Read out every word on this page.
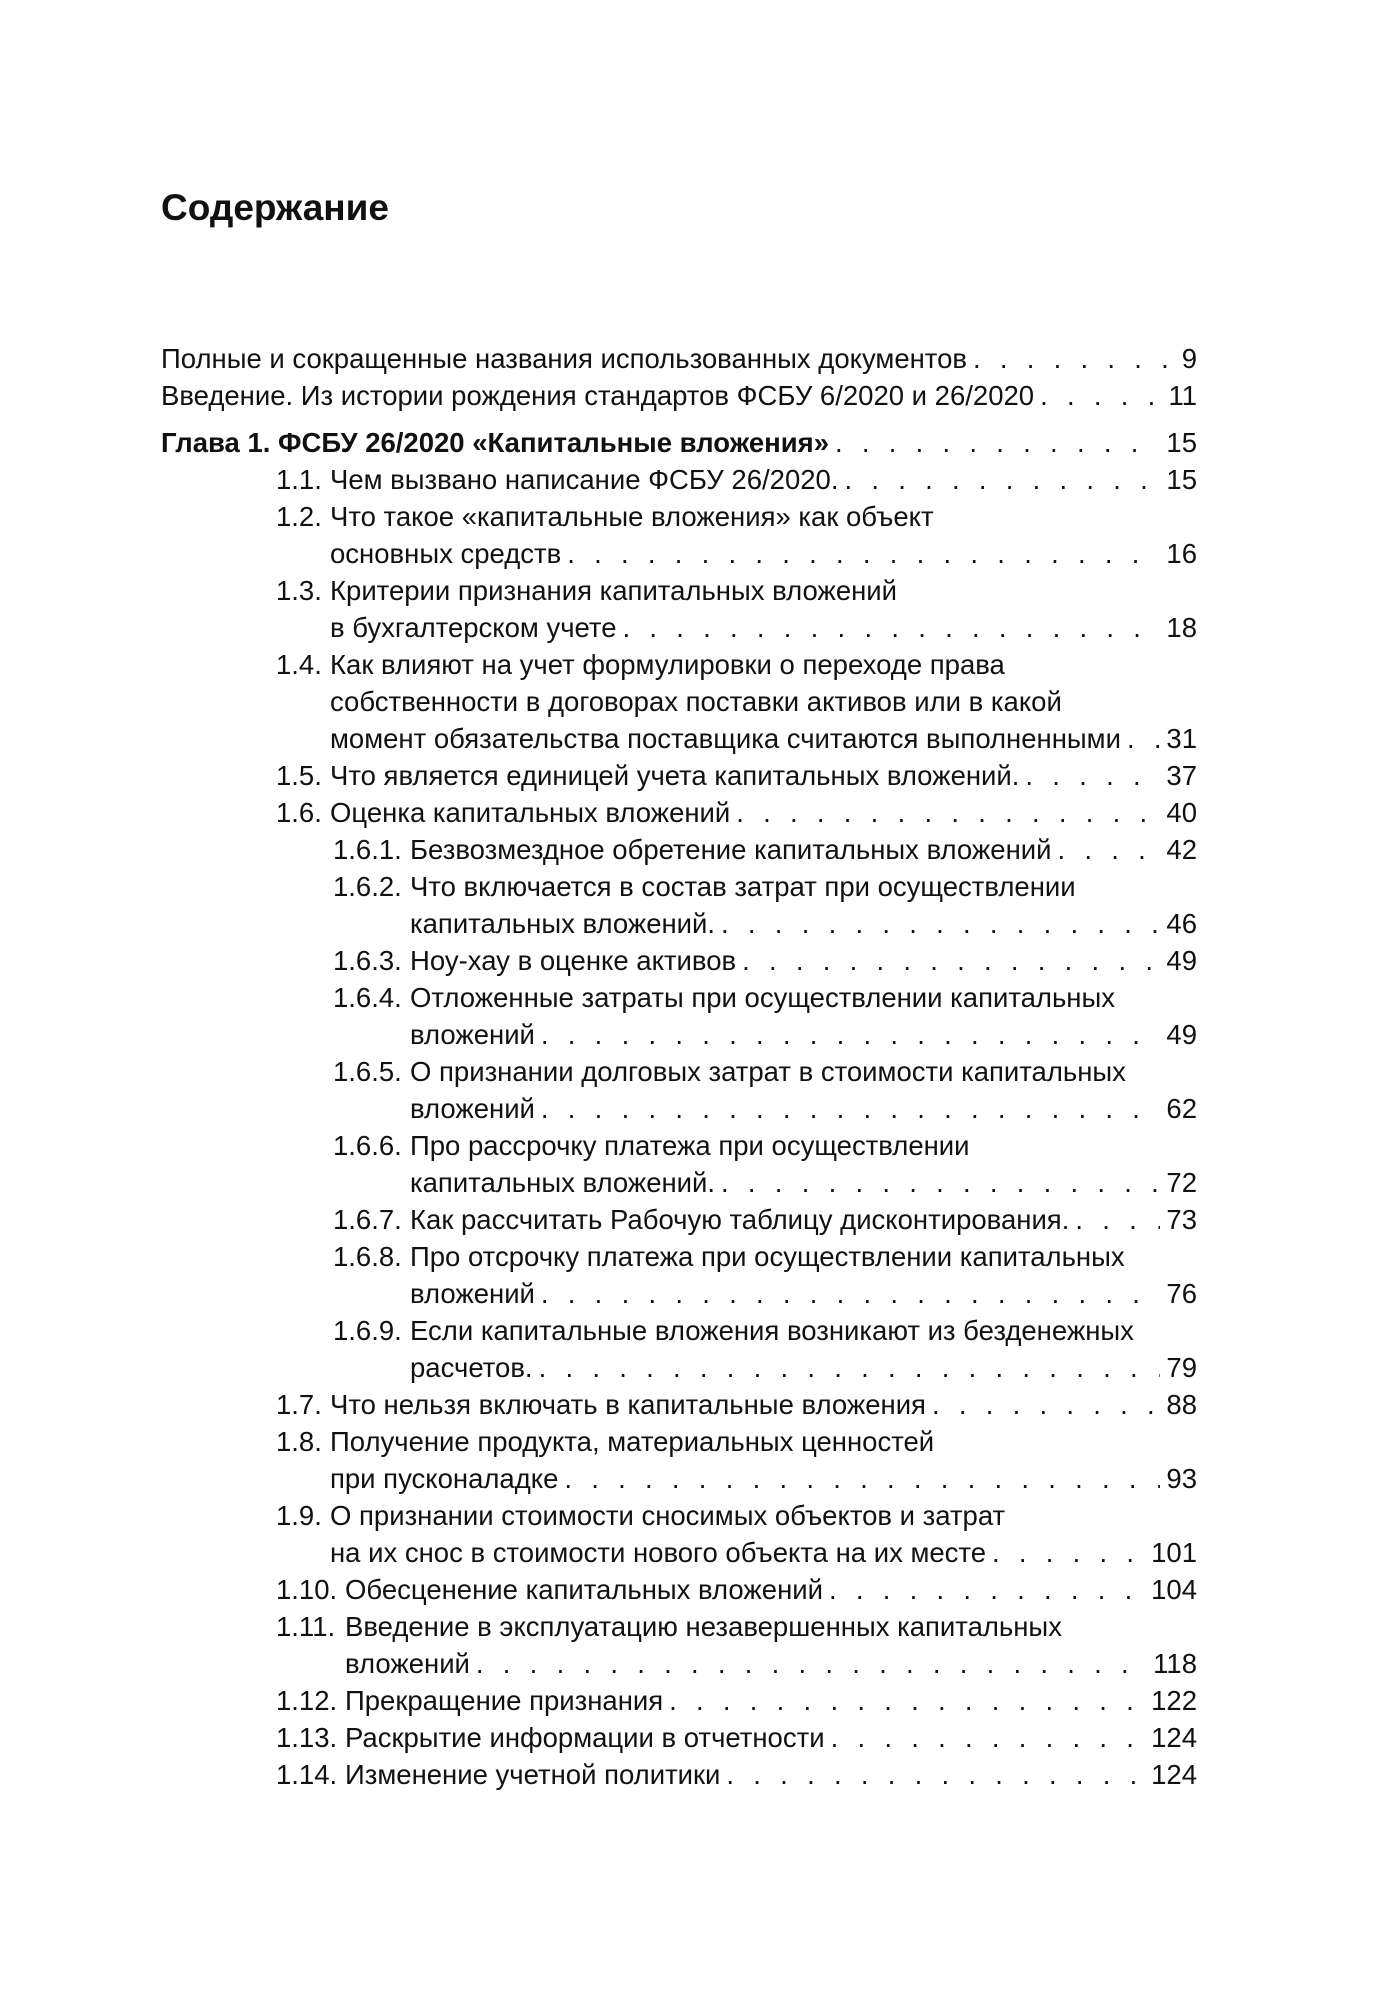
Содержание
Полные и сокращенные названия использованных документов . . .	9
Введение. Из истории рождения стандартов ФСБУ 6/2020 и 26/2020 . . .	11
Глава 1. ФСБУ 26/2020 «Капитальные вложения» . . .	15
1.1. Чем вызвано написание ФСБУ 26/2020. . . .	15
1.2. Что такое «капитальные вложения» как объект
основных средств . . .	16
1.3. Критерии признания капитальных вложений
в бухгалтерском учете . . .	18
1.4. Как влияют на учет формулировки о переходе права
собственности в договорах поставки активов или в какой
момент обязательства поставщика считаются выполненными . . . 31
1.5. Что является единицей учета капитальных вложений. . . .	37
1.6. Оценка капитальных вложений . . .	40
1.6.1. Безвозмездное обретение капитальных вложений . . .	42
1.6.2. Что включается в состав затрат при осуществлении
капитальных вложений. . . .	46
1.6.3. Ноу-хау в оценке активов . . .	49
1.6.4. Отложенные затраты при осуществлении капитальных
вложений . . .	49
1.6.5. О признании долговых затрат в стоимости капитальных
вложений . . .	62
1.6.6. Про рассрочку платежа при осуществлении
капитальных вложений. . . .	72
1.6.7. Как рассчитать Рабочую таблицу дисконтирования. . . .	73
1.6.8. Про отсрочку платежа при осуществлении капитальных
вложений . . .	76
1.6.9. Если капитальные вложения возникают из безденежных
расчетов. . . .	79
1.7. Что нельзя включать в капитальные вложения . . .	88
1.8. Получение продукта, материальных ценностей
при пусконаладке . . .	93
1.9. О признании стоимости сносимых объектов и затрат
на их снос в стоимости нового объекта на их месте . . .	101
1.10. Обесценение капитальных вложений . . .	104
1.11. Введение в эксплуатацию незавершенных капитальных
вложений . . .	118
1.12. Прекращение признания . . .	122
1.13. Раскрытие информации в отчетности . . .	124
1.14. Изменение учетной политики . . .	124
